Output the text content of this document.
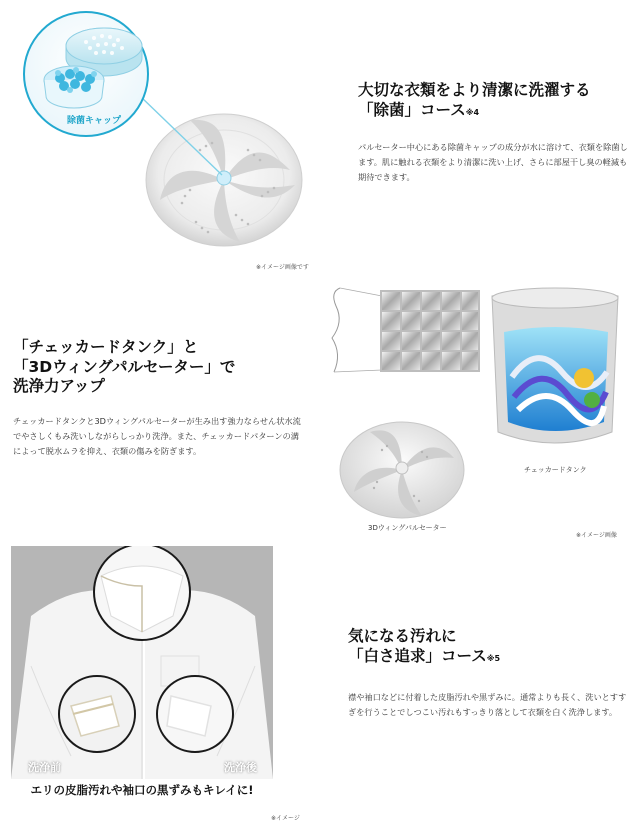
除菌キャップ
大切な衣類をより清潔に洗濯する
「除菌」コース※4
パルセーター中心にある除菌キャップの成分が水に溶けて、衣類を除菌します。肌に触れる衣類をより清潔に洗い上げ、さらに部屋干し臭の軽減も期待できます。
※イメージ画像です
「チェッカードタンク」と
「3Dウィングパルセーター」で
洗浄力アップ
チェッカードタンクと3Dウィングパルセーターが生み出す強力ならせん状水流でやさしくもみ洗いしながらしっかり洗浄。また、チェッカードパターンの溝によって脱水ムラを抑え、衣類の傷みを防ぎます。
チェッカードタンク
3Dウィングパルセーター
※イメージ画像
洗浄前	洗浄後
エリの皮脂汚れや袖口の黒ずみもキレイに!
※イメージ
気になる汚れに
「白さ追求」コース※5
襟や袖口などに付着した皮脂汚れや黒ずみに。通常よりも長く、洗いとすすぎを行うことでしつこい汚れもすっきり落として衣類を白く洗浄します。
